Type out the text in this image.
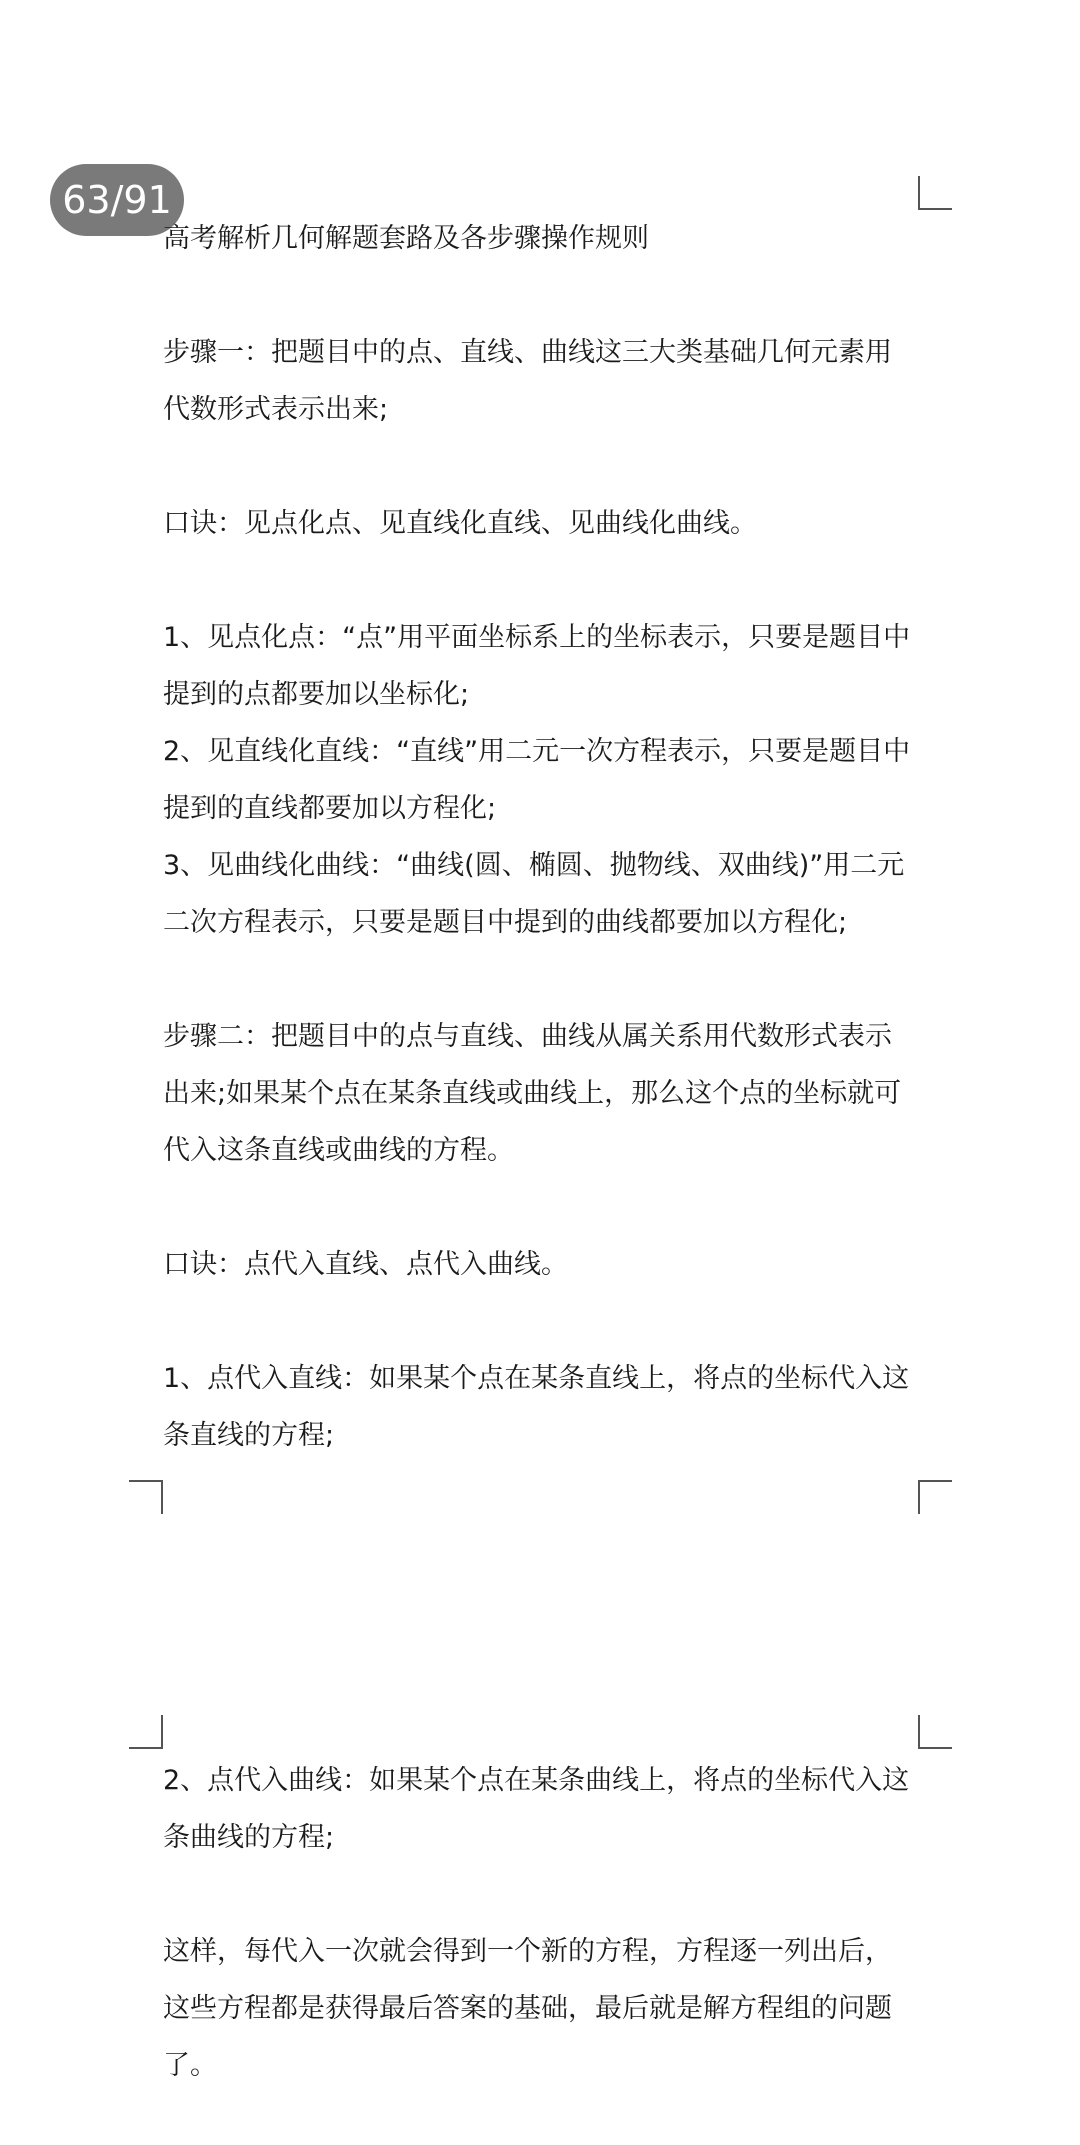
63/91
高考解析几何解题套路及各步骤操作规则
步骤一：把题目中的点、直线、曲线这三大类基础几何元素用
代数形式表示出来;
口诀：见点化点、见直线化直线、见曲线化曲线。
1、见点化点：“点”用平面坐标系上的坐标表示，只要是题目中
提到的点都要加以坐标化;
2、见直线化直线：“直线”用二元一次方程表示，只要是题目中
提到的直线都要加以方程化;
3、见曲线化曲线：“曲线(圆、椭圆、抛物线、双曲线)”用二元
二次方程表示，只要是题目中提到的曲线都要加以方程化;
步骤二：把题目中的点与直线、曲线从属关系用代数形式表示
出来;如果某个点在某条直线或曲线上，那么这个点的坐标就可
代入这条直线或曲线的方程。
口诀：点代入直线、点代入曲线。
1、点代入直线：如果某个点在某条直线上，将点的坐标代入这
条直线的方程;
2、点代入曲线：如果某个点在某条曲线上，将点的坐标代入这
条曲线的方程;
这样，每代入一次就会得到一个新的方程，方程逐一列出后，
这些方程都是获得最后答案的基础，最后就是解方程组的问题
了。
